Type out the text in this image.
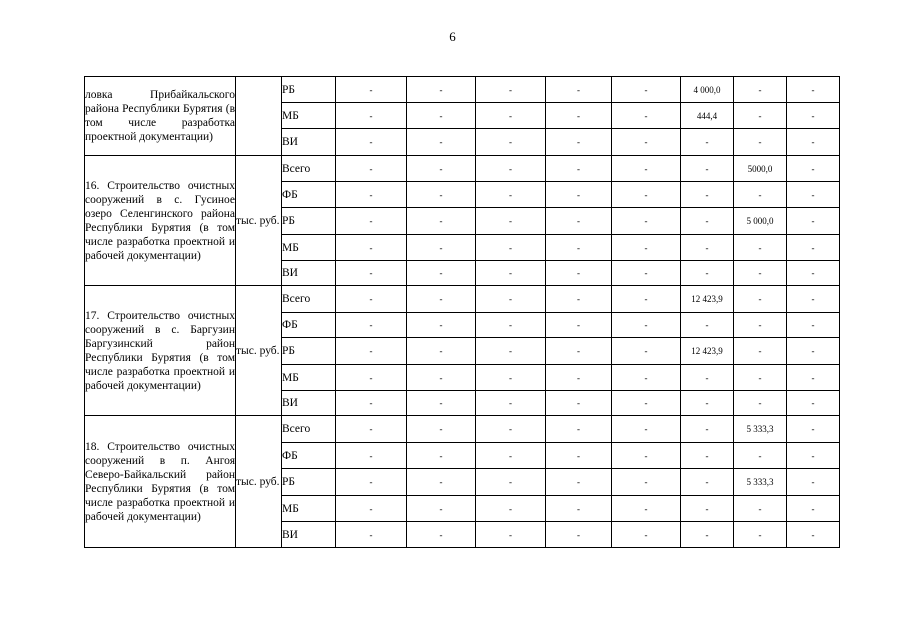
6
ловка Прибайкальского района Республики Бурятия (в том числе разработка проектной документации)		РБ	-	-	-	-	-	4 000,0	-	-
		МБ	-	-	-	-	-	444,4	-	-
		ВИ	-	-	-	-	-	-	-	-
16. Строительство очистных сооружений в с. Гусиное озеро Селенгинского района Республики Бурятия (в том числе разработка проектной и рабочей документации)	тыс. руб.	Всего	-	-	-	-	-	-	5000,0	-
		ФБ	-	-	-	-	-	-	-	-
		РБ	-	-	-	-	-	-	5 000,0	-
		МБ	-	-	-	-	-	-	-	-
		ВИ	-	-	-	-	-	-	-	-
17. Строительство очистных сооружений в с. Баргузин Баргузинский район Республики Бурятия (в том числе разработка проектной и рабочей документации)	тыс. руб.	Всего	-	-	-	-	-	12 423,9	-	-
		ФБ	-	-	-	-	-	-	-	-
		РБ	-	-	-	-	-	12 423,9	-	-
		МБ	-	-	-	-	-	-	-	-
		ВИ	-	-	-	-	-	-	-	-
18. Строительство очистных сооружений в п. Ангоя Северо-Байкальский район Республики Бурятия (в том числе разработка проектной и рабочей документации)	тыс. руб.	Всего	-	-	-	-	-	-	5 333,3	-
		ФБ	-	-	-	-	-	-	-	-
		РБ	-	-	-	-	-	-	5 333,3	-
		МБ	-	-	-	-	-	-	-	-
		ВИ	-	-	-	-	-	-	-	-
